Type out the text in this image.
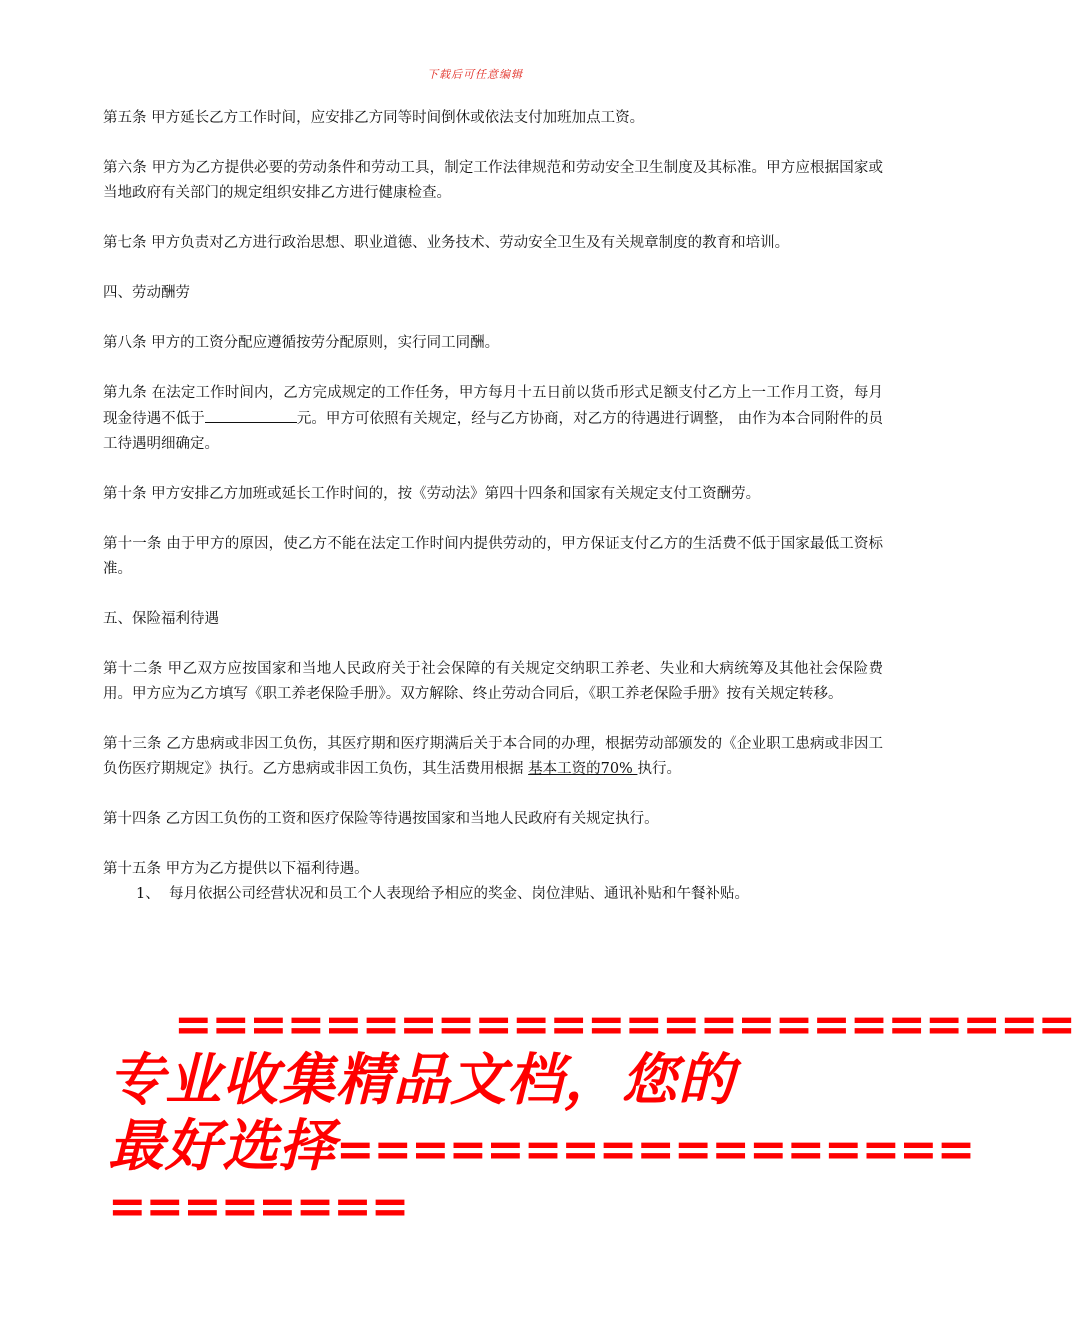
下载后可任意编辑

第五条 甲方延长乙方工作时间，应安排乙方同等时间倒休或依法支付加班加点工资。

第六条 甲方为乙方提供必要的劳动条件和劳动工具，制定工作法律规范和劳动安全卫生制度及其标准。甲方应根据国家或当地政府有关部门的规定组织安排乙方进行健康检查。

第七条 甲方负责对乙方进行政治思想、职业道德、业务技术、劳动安全卫生及有关规章制度的教育和培训。

四、劳动酬劳

第八条 甲方的工资分配应遵循按劳分配原则，实行同工同酬。

第九条 在法定工作时间内，乙方完成规定的工作任务，甲方每月十五日前以货币形式足额支付乙方上一工作月工资，每月现金待遇不低于	元。甲方可依照有关规定，经与乙方协商，对乙方的待遇进行调整， 由作为本合同附件的员工待遇明细确定。

第十条 甲方安排乙方加班或延长工作时间的，按《劳动法》第四十四条和国家有关规定支付工资酬劳。

第十一条 由于甲方的原因，使乙方不能在法定工作时间内提供劳动的，甲方保证支付乙方的生活费不低于国家最低工资标准。

五、保险福利待遇

第十二条 甲乙双方应按国家和当地人民政府关于社会保障的有关规定交纳职工养老、失业和大病统筹及其他社会保险费用。甲方应为乙方填写《职工养老保险手册》。双方解除、终止劳动合同后，《职工养老保险手册》按有关规定转移。

第十三条 乙方患病或非因工负伤，其医疗期和医疗期满后关于本合同的办理，根据劳动部颁发的《企业职工患病或非因工负伤医疗期规定》执行。乙方患病或非因工负伤，其生活费用根据 基本工资的70% 执行。

第十四条 乙方因工负伤的工资和医疗保险等待遇按国家和当地人民政府有关规定执行。

第十五条 甲方为乙方提供以下福利待遇。

1、 每月依据公司经营状况和员工个人表现给予相应的奖金、岗位津贴、通讯补贴和午餐补贴。
========================
专业收集精品文档，您的
最好选择=================
========
